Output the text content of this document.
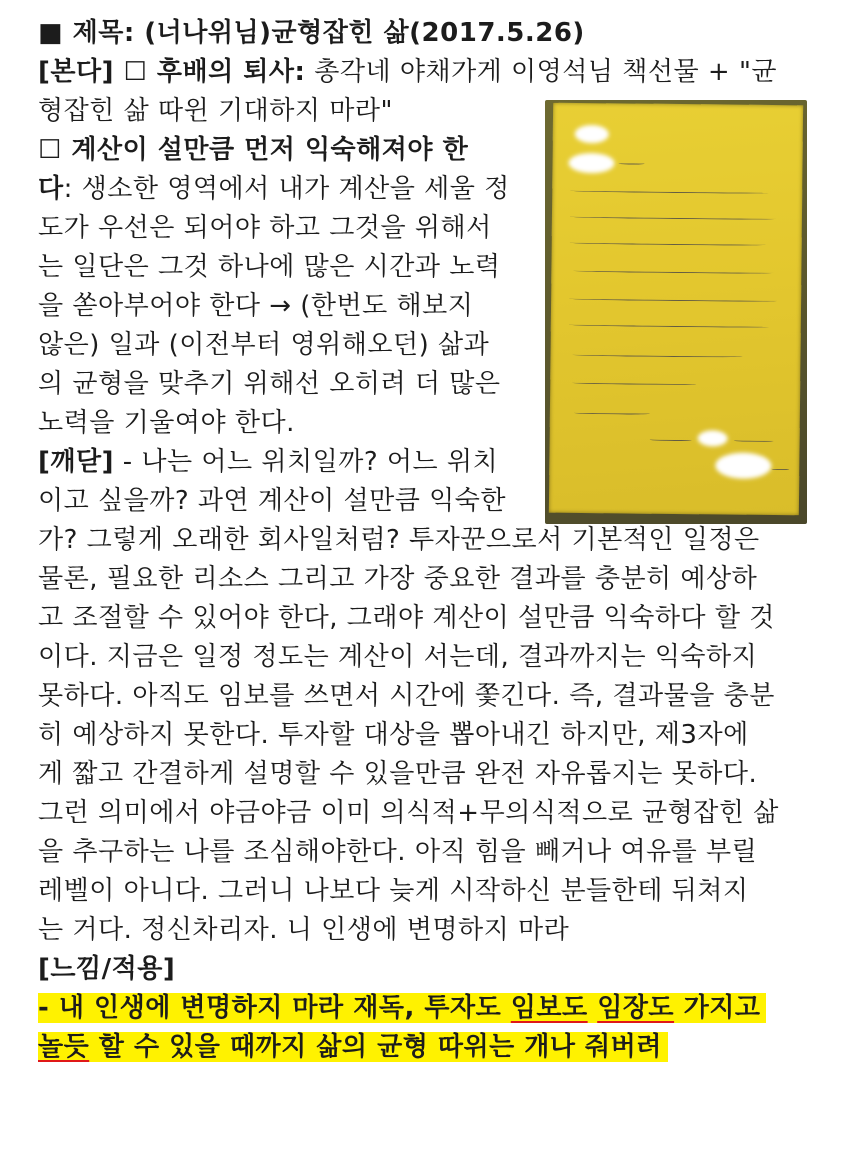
■ 제목: (너나위님)균형잡힌 삶(2017.5.26)
[본다] ☐ 후배의 퇴사: 총각네 야채가게 이영석님 책선물 + "균
형잡힌 삶 따윈 기대하지 마라"
☐ 계산이 설만큼 먼저 익숙해져야 한
다: 생소한 영역에서 내가 계산을 세울 정
도가 우선은 되어야 하고 그것을 위해서
는 일단은 그것 하나에 많은 시간과 노력
을 쏟아부어야 한다 → (한번도 해보지
않은) 일과 (이전부터 영위해오던) 삶과
의 균형을 맞추기 위해선 오히려 더 많은
노력을 기울여야 한다.
[깨닫] - 나는 어느 위치일까? 어느 위치
이고 싶을까? 과연 계산이 설만큼 익숙한
가? 그렇게 오래한 회사일처럼? 투자꾼으로서 기본적인 일정은
물론, 필요한 리소스 그리고 가장 중요한 결과를 충분히 예상하
고 조절할 수 있어야 한다, 그래야 계산이 설만큼 익숙하다 할 것
이다. 지금은 일정 정도는 계산이 서는데, 결과까지는 익숙하지
못하다. 아직도 임보를 쓰면서 시간에 쫓긴다. 즉, 결과물을 충분
히 예상하지 못한다. 투자할 대상을 뽑아내긴 하지만, 제3자에
게 짧고 간결하게 설명할 수 있을만큼 완전 자유롭지는 못하다.
그런 의미에서 야금야금 이미 의식적+무의식적으로 균형잡힌 삶
을 추구하는 나를 조심해야한다. 아직 힘을 빼거나 여유를 부릴
레벨이 아니다. 그러니 나보다 늦게 시작하신 분들한테 뒤쳐지
는 거다. 정신차리자. 니 인생에 변명하지 마라
[느낌/적용]
- 내 인생에 변명하지 마라 재독, 투자도 임보도 임장도 가지고
놀듯 할 수 있을 때까지 삶의 균형 따위는 개나 줘버려
